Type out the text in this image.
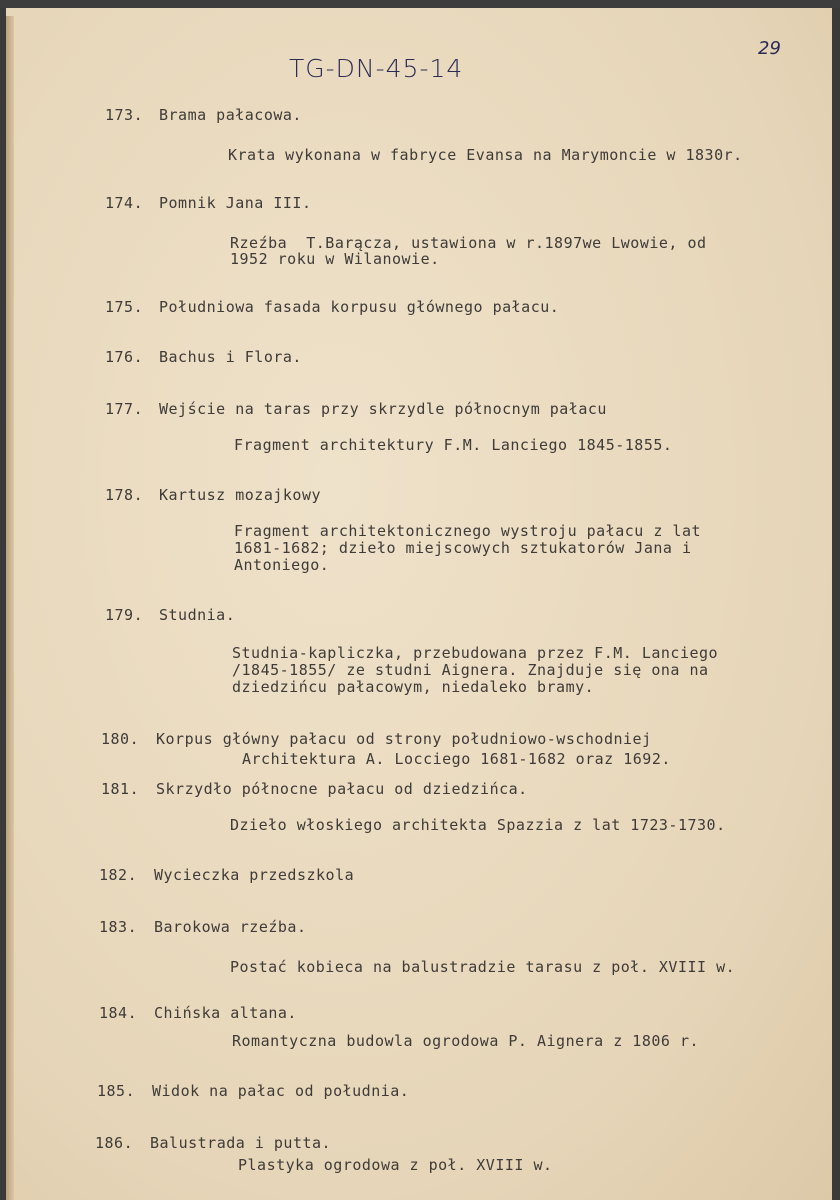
TG-DN-45-14
29
173. Brama pałacowa.
Krata wykonana w fabryce Evansa na Marymoncie w 1830r.
174. Pomnik Jana III.
Rzeźba  T.Barącza, ustawiona w r.1897we Lwowie, od
1952 roku w Wilanowie.
175. Południowa fasada korpusu głównego pałacu.
176. Bachus i Flora.
177. Wejście na taras przy skrzydle północnym pałacu
Fragment architektury F.M. Lanciego 1845-1855.
178. Kartusz mozajkowy
Fragment architektonicznego wystroju pałacu z lat
1681-1682; dzieło miejscowych sztukatorów Jana i
Antoniego.
179. Studnia.
Studnia-kapliczka, przebudowana przez F.M. Lanciego
/1845-1855/ ze studni Aignera. Znajduje się ona na
dziedzińcu pałacowym, niedaleko bramy.
180. Korpus główny pałacu od strony południowo-wschodniej
Architektura A. Locciego 1681-1682 oraz 1692.
181. Skrzydło północne pałacu od dziedzińca.
Dzieło włoskiego architekta Spazzia z lat 1723-1730.
182. Wycieczka przedszkola
183. Barokowa rzeźba.
Postać kobieca na balustradzie tarasu z poł. XVIII w.
184. Chińska altana.
Romantyczna budowla ogrodowa P. Aignera z 1806 r.
185. Widok na pałac od południa.
186. Balustrada i putta.
Plastyka ogrodowa z poł. XVIII w.
